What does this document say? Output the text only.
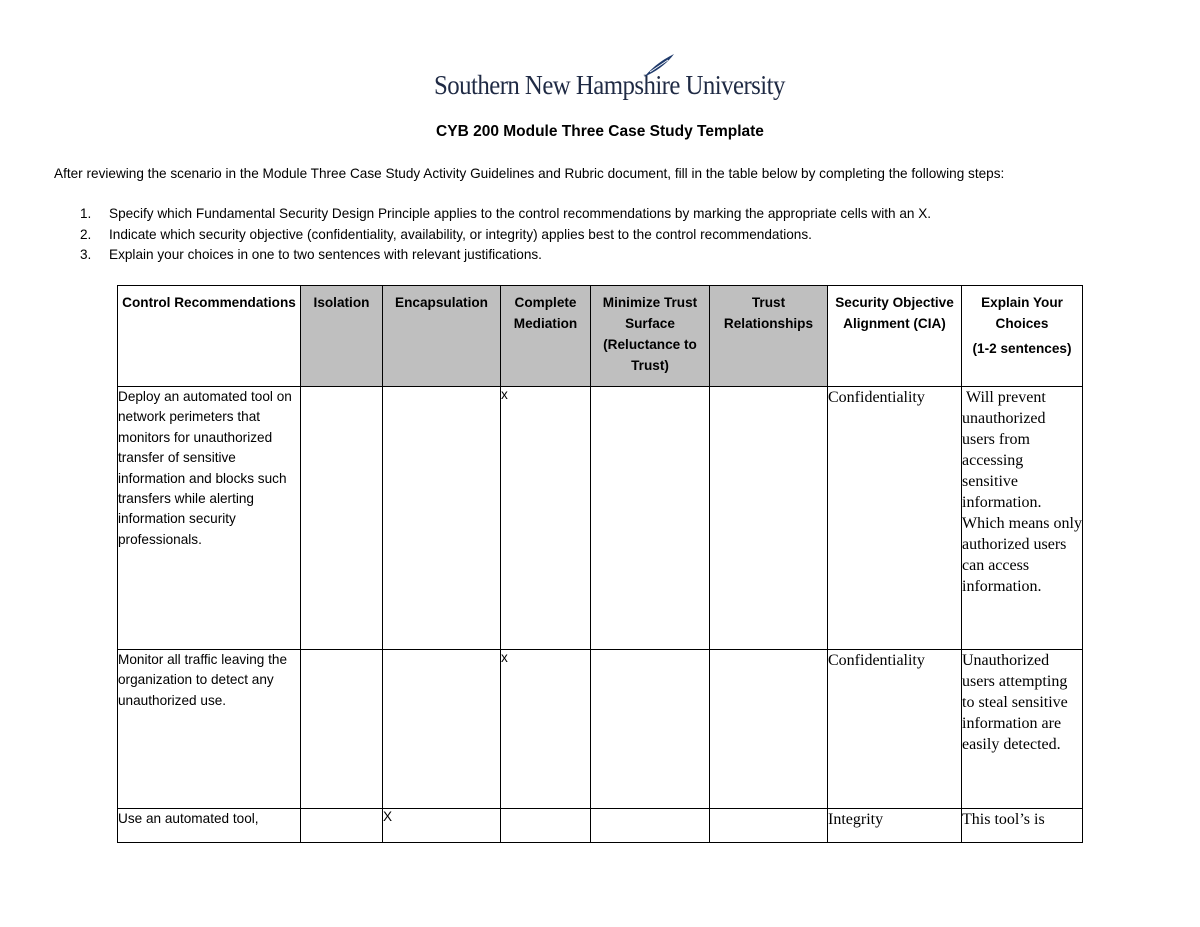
Southern New Hampshire University
CYB 200 Module Three Case Study Template
After reviewing the scenario in the Module Three Case Study Activity Guidelines and Rubric document, fill in the table below by completing the following steps:
1. Specify which Fundamental Security Design Principle applies to the control recommendations by marking the appropriate cells with an X.
2. Indicate which security objective (confidentiality, availability, or integrity) applies best to the control recommendations.
3. Explain your choices in one to two sentences with relevant justifications.
Control Recommendations	Isolation	Encapsulation	Complete Mediation	Minimize Trust Surface (Reluctance to Trust)	Trust Relationships	Security Objective Alignment (CIA)	Explain Your Choices
(1-2 sentences)

Deploy an automated tool on network perimeters that monitors for unauthorized transfer of sensitive information and blocks such transfers while alerting information security professionals.			x			Confidentiality	Will prevent unauthorized users from accessing sensitive information. Which means only authorized users can access information.
Monitor all traffic leaving the organization to detect any unauthorized use.			x			Confidentiality	Unauthorized users attempting to steal sensitive information are easily detected.
Use an automated tool,		X				Integrity	This tool’s is
